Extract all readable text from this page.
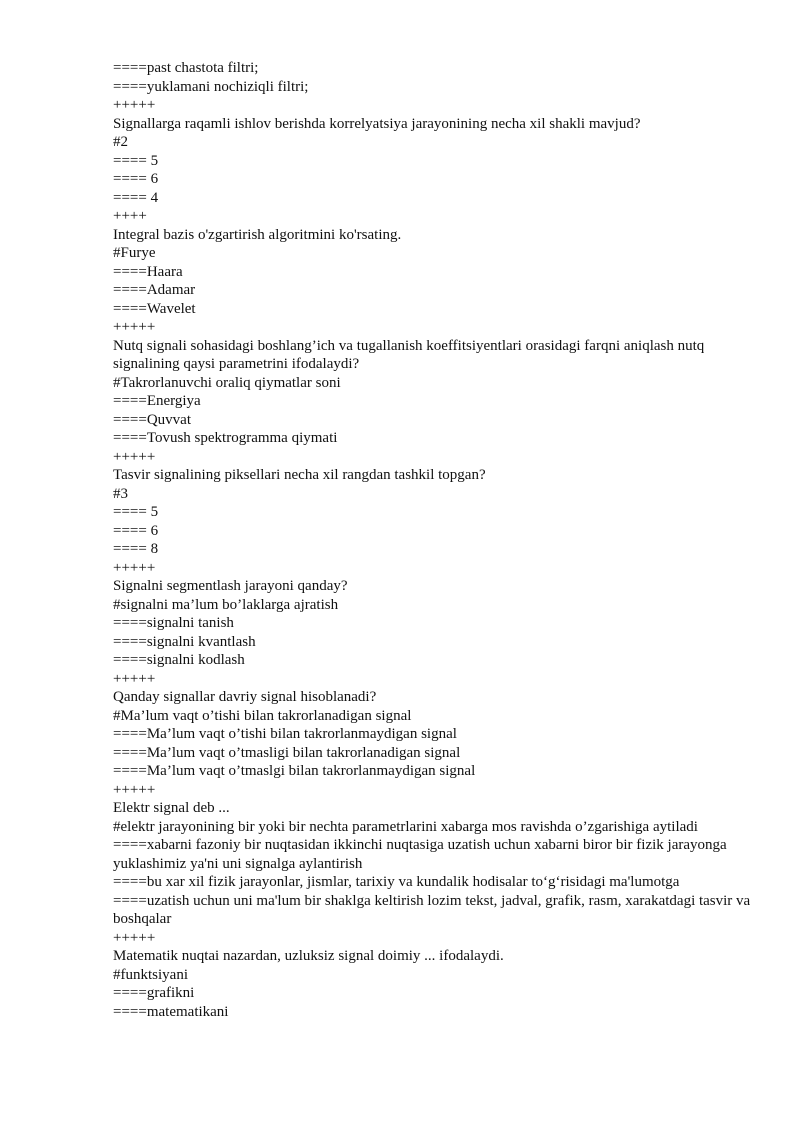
====past chastota filtri;

====yuklamani nochiziqli filtri;

+++++

Signallarga raqamli ishlov berishda korrelyatsiya jarayonining necha xil shakli mavjud?

#2

==== 5

==== 6

==== 4

++++

Integral bazis o'zgartirish algoritmini ko'rsating.

#Furye

====Haara

====Adamar

====Wavelet

+++++

Nutq signali sohasidagi boshlang’ich va tugallanish koeffitsiyentlari orasidagi farqni aniqlash nutq

signalining qaysi parametrini ifodalaydi?

#Takrorlanuvchi oraliq qiymatlar soni

====Energiya

====Quvvat

====Tovush spektrogramma qiymati

+++++

Tasvir signalining piksellari necha xil rangdan tashkil topgan?

#3

==== 5

==== 6

==== 8

+++++

Signalni segmentlash jarayoni qanday?

#signalni ma’lum bo’laklarga ajratish

====signalni tanish

====signalni kvantlash

====signalni kodlash

+++++

Qanday signallar davriy signal hisoblanadi?

#Ma’lum vaqt o’tishi bilan takrorlanadigan signal

====Ma’lum vaqt o’tishi bilan takrorlanmaydigan signal

====Ma’lum vaqt o’tmasligi bilan takrorlanadigan signal

====Ma’lum vaqt o’tmaslgi bilan takrorlanmaydigan signal

+++++

Elektr signal deb ...

#elektr jarayonining bir yoki bir nechta parametrlarini xabarga mos ravishda o’zgarishiga aytiladi

====xabarni fazoniy bir nuqtasidan ikkinchi nuqtasiga uzatish uchun xabarni biror bir fizik jarayonga yuklashimiz ya'ni uni signalga aylantirish

====bu xar xil fizik jarayonlar, jismlar, tarixiy va kundalik hodisalar to‘g‘risidagi ma'lumotga

====uzatish uchun uni ma'lum bir shaklga keltirish lozim tekst, jadval, grafik, rasm, xarakatdagi tasvir va boshqalar

+++++

Matematik nuqtai nazardan, uzluksiz signal doimiy ... ifodalaydi.

#funktsiyani

====grafikni

====matematikani
